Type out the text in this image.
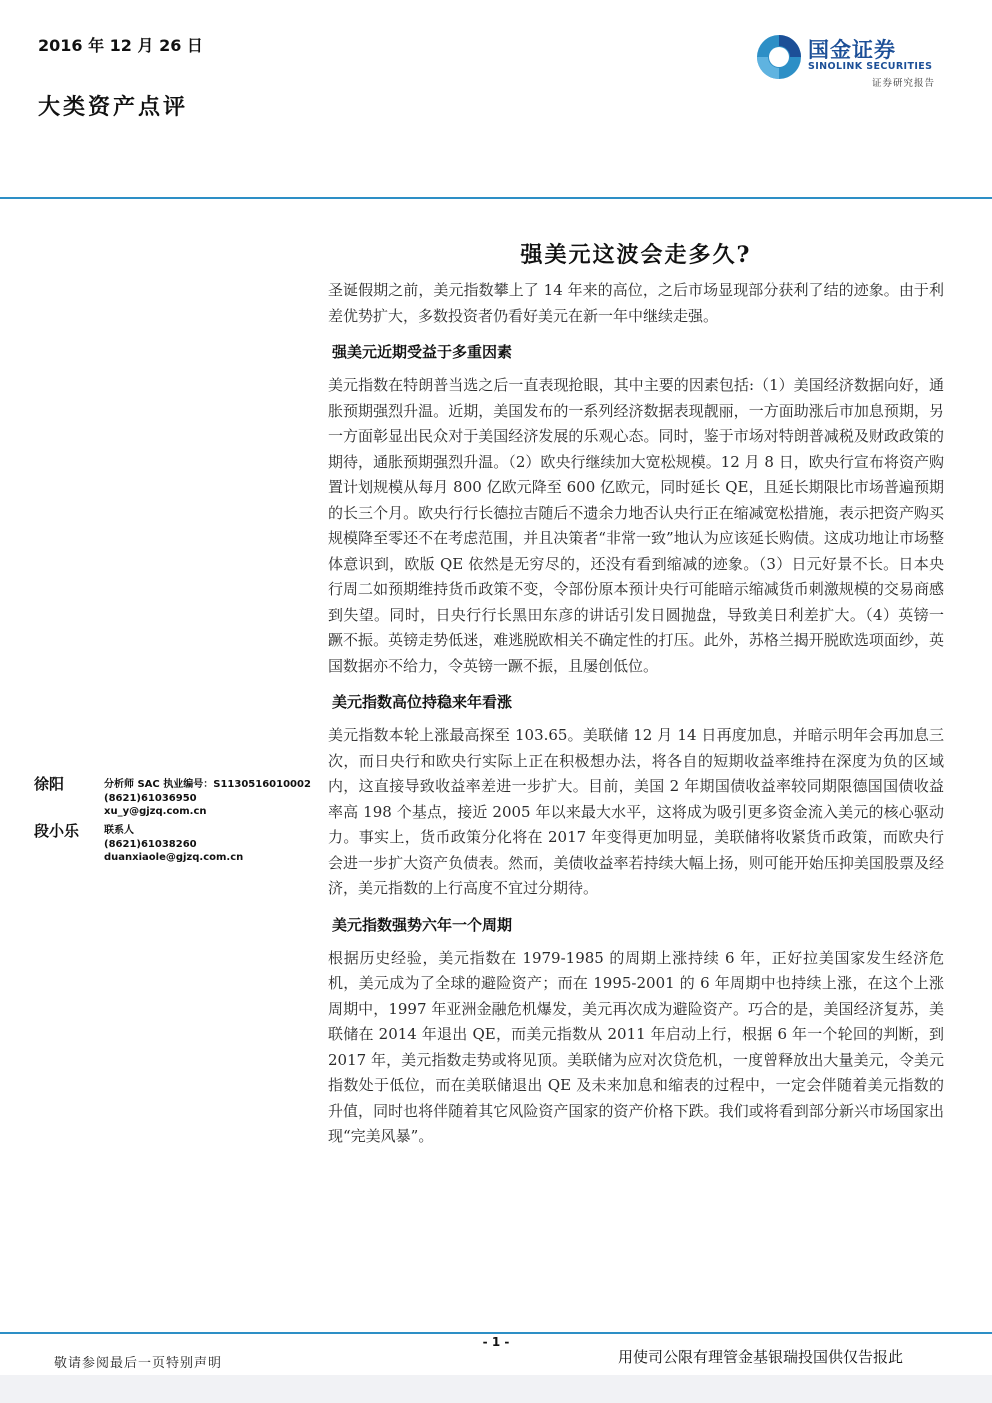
2016 年 12 月 26 日
大类资产点评
国金证券
SINOLINK SECURITIES
证券研究报告
强美元这波会走多久?

圣诞假期之前，美元指数攀上了 14 年来的高位，之后市场显现部分获利了结的迹象。由于利差优势扩大，多数投资者仍看好美元在新一年中继续走强。

强美元近期受益于多重因素

美元指数在特朗普当选之后一直表现抢眼，其中主要的因素包括:（1）美国经济数据向好，通胀预期强烈升温。近期，美国发布的一系列经济数据表现靓丽，一方面助涨后市加息预期，另一方面彰显出民众对于美国经济发展的乐观心态。同时，鉴于市场对特朗普减税及财政政策的期待，通胀预期强烈升温。（2）欧央行继续加大宽松规模。12 月 8 日，欧央行宣布将资产购置计划规模从每月 800 亿欧元降至 600 亿欧元，同时延长 QE，且延长期限比市场普遍预期的长三个月。欧央行行长德拉吉随后不遗余力地否认央行正在缩减宽松措施，表示把资产购买规模降至零还不在考虑范围，并且决策者“非常一致”地认为应该延长购债。这成功地让市场整体意识到，欧版 QE 依然是无穷尽的，还没有看到缩减的迹象。（3）日元好景不长。日本央行周二如预期维持货币政策不变，令部份原本预计央行可能暗示缩减货币刺激规模的交易商感到失望。同时，日央行行长黑田东彦的讲话引发日圆抛盘，导致美日利差扩大。（4）英镑一蹶不振。英镑走势低迷，难逃脱欧相关不确定性的打压。此外，苏格兰揭开脱欧选项面纱，英国数据亦不给力，令英镑一蹶不振，且屡创低位。

美元指数高位持稳来年看涨

美元指数本轮上涨最高探至 103.65。美联储 12 月 14 日再度加息，并暗示明年会再加息三次，而日央行和欧央行实际上正在积极想办法，将各自的短期收益率维持在深度为负的区域内，这直接导致收益率差进一步扩大。目前，美国 2 年期国债收益率较同期限德国国债收益率高 198 个基点，接近 2005 年以来最大水平，这将成为吸引更多资金流入美元的核心驱动力。事实上，货币政策分化将在 2017 年变得更加明显，美联储将收紧货币政策，而欧央行会进一步扩大资产负债表。然而，美债收益率若持续大幅上扬，则可能开始压抑美国股票及经济，美元指数的上行高度不宜过分期待。

美元指数强势六年一个周期

根据历史经验，美元指数在 1979-1985 的周期上涨持续 6 年，正好拉美国家发生经济危机，美元成为了全球的避险资产；而在 1995-2001 的 6 年周期中也持续上涨，在这个上涨周期中，1997 年亚洲金融危机爆发，美元再次成为避险资产。巧合的是，美国经济复苏，美联储在 2014 年退出 QE，而美元指数从 2011 年启动上行，根据 6 年一个轮回的判断，到 2017 年，美元指数走势或将见顶。美联储为应对次贷危机，一度曾释放出大量美元，令美元指数处于低位，而在美联储退出 QE 及未来加息和缩表的过程中，一定会伴随着美元指数的升值，同时也将伴随着其它风险资产国家的资产价格下跌。我们或将看到部分新兴市场国家出现“完美风暴”。

徐阳	分析师 SAC 执业编号：S1130516010002
(8621)61036950
xu_y@gjzq.com.cn
段小乐 联系人
(8621)61038260
duanxiaole@gjzq.com.cn
- 1 -
敬请参阅最后一页特别声明	用使司公限有理管金基银瑞投国供仅告报此
